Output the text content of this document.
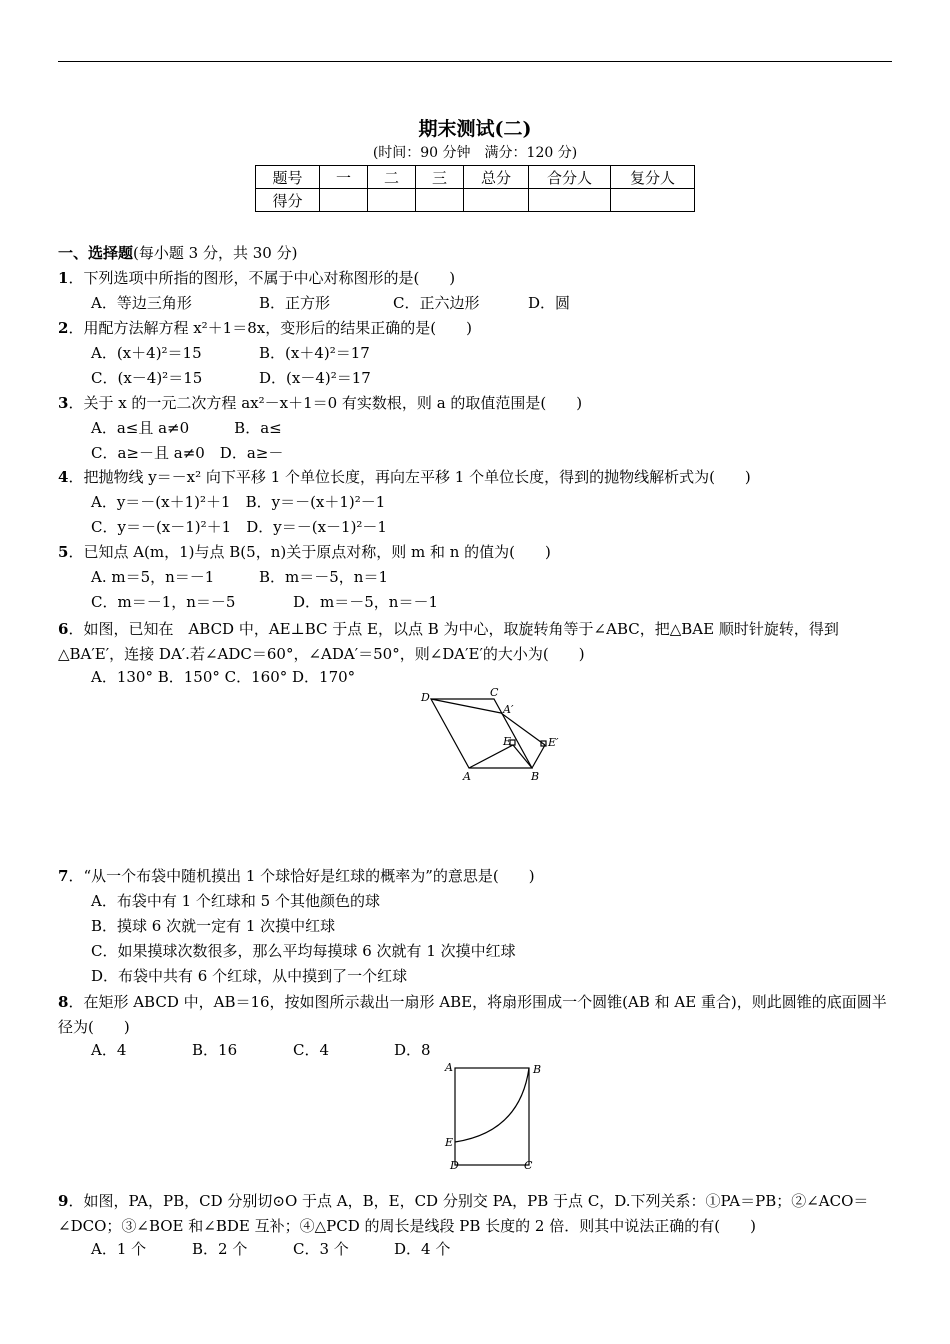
期末测试(二)
(时间：90 分钟　满分：120 分)
题号	一	二	三	总分	合分人	复分人
得分						
一、选择题(每小题 3 分，共 30 分)
1．下列选项中所指的图形，不属于中心对称图形的是(　　)
A．等边三角形	B．正方形	C．正六边形	D．圆
2．用配方法解方程 x²＋1＝8x，变形后的结果正确的是(　　)
A．(x＋4)²＝15	B．(x＋4)²＝17
C．(x－4)²＝15	D．(x－4)²＝17
3．关于 x 的一元二次方程 ax²－x＋1＝0 有实数根，则 a 的取值范围是(　　)
A．a≤且 a≠0　　　B．a≤
C．a≥－且 a≠0　D．a≥－
4．把抛物线 y＝－x² 向下平移 1 个单位长度，再向左平移 1 个单位长度，得到的抛物线解析式为(　　)
A．y＝－(x＋1)²＋1　B．y＝－(x＋1)²－1
C．y＝－(x－1)²＋1　D．y＝－(x－1)²－1
5．已知点 A(m，1)与点 B(5，n)关于原点对称，则 m 和 n 的值为(　　)
A. m＝5，n＝－1	B．m＝－5，n＝1
C．m＝－1，n＝－5	D．m＝－5，n＝－1
6．如图，已知在　ABCD 中，AE⊥BC 于点 E，以点 B 为中心，取旋转角等于∠ABC，把△BAE 顺时针旋转，得到△BA′E′，连接 DA′.若∠ADC＝60°，∠ADA′＝50°，则∠DA′E′的大小为(　　)
A．130° B．150° C．160° D．170°
D	C
A′
E	E′
A	B
7．“从一个布袋中随机摸出 1 个球恰好是红球的概率为”的意思是(　　)
A．布袋中有 1 个红球和 5 个其他颜色的球
B．摸球 6 次就一定有 1 次摸中红球
C．如果摸球次数很多，那么平均每摸球 6 次就有 1 次摸中红球
D．布袋中共有 6 个红球，从中摸到了一个红球
8．在矩形 ABCD 中，AB＝16，按如图所示裁出一扇形 ABE，将扇形围成一个圆锥(AB 和 AE 重合)，则此圆锥的底面圆半径为(　　)
A．4	B．16	C．4	D．8
A	B
E
D	C
9．如图，PA，PB，CD 分别切⊙O 于点 A，B，E，CD 分别交 PA，PB 于点 C，D.下列关系：①PA＝PB；②∠ACO＝∠DCO；③∠BOE 和∠BDE 互补；④△PCD 的周长是线段 PB 长度的 2 倍．则其中说法正确的有(　　)
A．1 个	B．2 个	C．3 个	D．4 个
